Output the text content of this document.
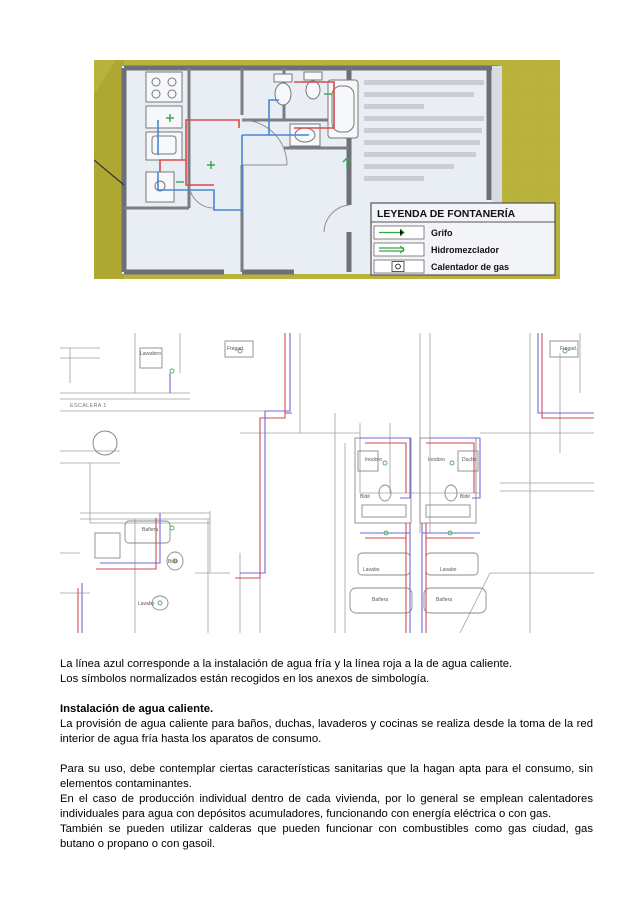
LEYENDA DE FONTANERÍA
Grifo
Hidromezclador
Calentador de gas
ESCALERA 1
Lavadero
Fregad.	Fregad.
Bañera
Bidé
Lavabo
Inodoro	Inodoro	Ducha
Bidé	Bidé
Lavabo	Lavabo
Bañera	Bañera

La línea azul corresponde a la instalación de agua fría y la línea roja a la de agua caliente.

Los símbolos normalizados están recogidos en los anexos de simbología.

Instalación de agua caliente.

La provisión de agua caliente para baños, duchas, lavaderos y cocinas se realiza desde la toma de la red interior de agua fría hasta los aparatos de consumo.

Para su uso, debe contemplar ciertas características sanitarias que la hagan apta para el consumo, sin elementos contaminantes.

En el caso de producción individual dentro de cada vivienda, por lo general se emplean calentadores individuales para agua con depósitos acumuladores, funcionando con energía eléctrica o con gas.

También se pueden utilizar calderas que pueden funcionar con combustibles como gas ciudad, gas butano o propano o con gasoil.
